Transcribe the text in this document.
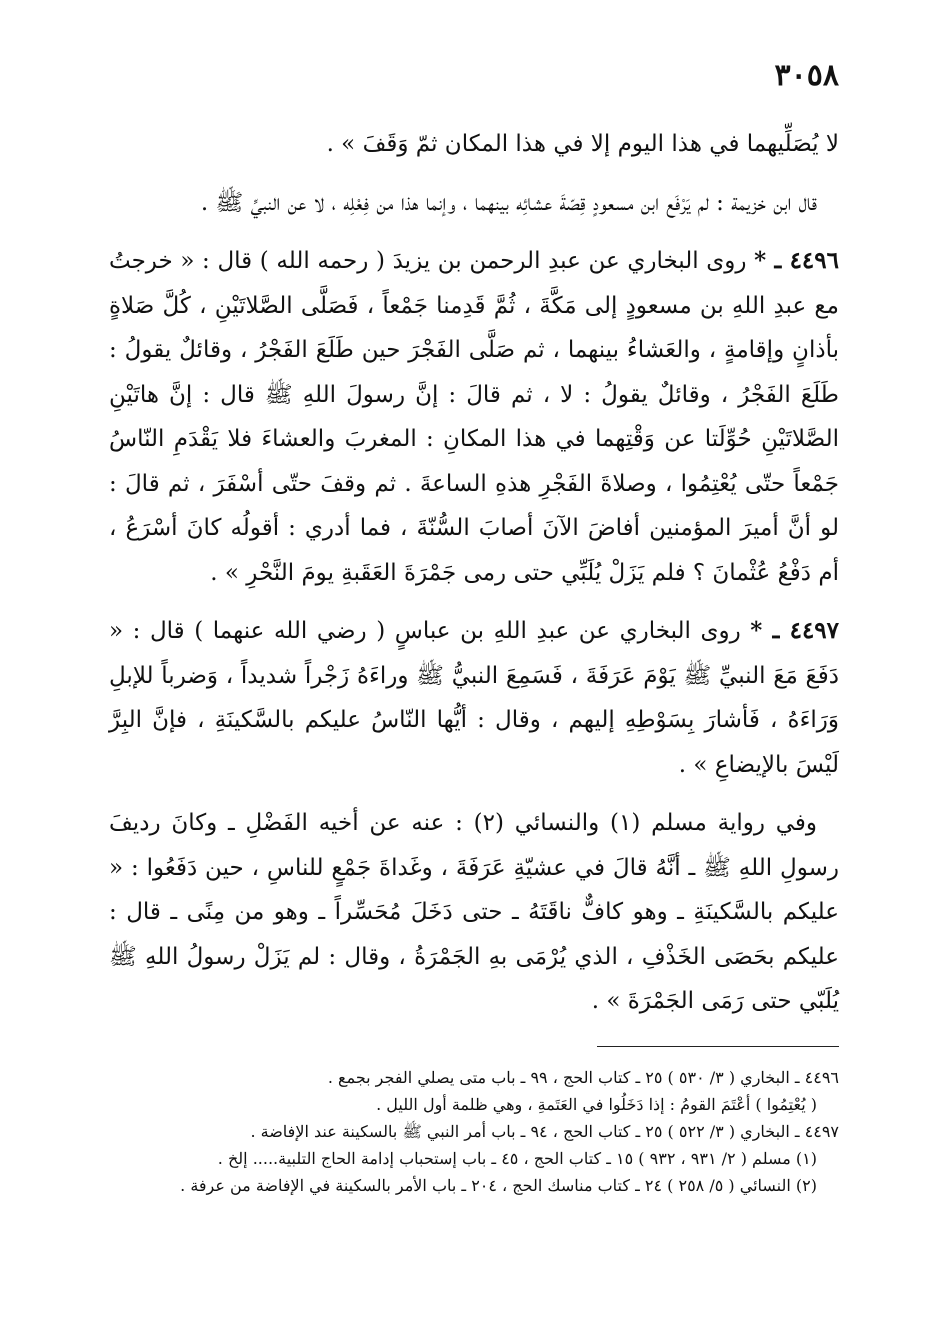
٣٠٥٨

لا يُصَلِّيهما في هذا اليوم إلا في هذا المكان ثمّ وَقَفَ » .

قال ابن خزيمة : لم يَرْفَع ابن مسعودٍ قِصّةَ عشائِه بينهما ، وإنما هذا من فِعْلِه ، لا عن النبيِّ ﷺ .

٤٤٩٦ ـ * روى البخاري عن عبدِ الرحمن بن يزيدَ ( رحمه الله ) قال : « خرجتُ مع عبدِ اللهِ بن مسعودٍ إلى مَكَّةَ ، ثُمَّ قَدِمنا جَمْعاً ، فَصَلَّى الصَّلاتَيْنِ ، كُلَّ صَلاةٍ بأذانٍ وإقامةٍ ، والعَشاءُ بينهما ، ثم صَلَّى الفَجْرَ حين طَلَعَ الفَجْرُ ، وقائلٌ يقولُ : طَلَعَ الفَجْرُ ، وقائلٌ يقولُ : لا ، ثم قالَ : إنَّ رسولَ اللهِ ﷺ قال : إنَّ هاتَيْنِ الصَّلاتَيْنِ حُوِّلَتا عن وَقْتِهما في هذا المكانِ : المغربَ والعشاءَ فلا يَقْدَمِ النّاسُ جَمْعاً حتّى يُعْتِمُوا ، وصلاةَ الفَجْرِ هذهِ الساعةَ . ثم وقفَ حتّى أسْفَرَ ، ثم قالَ : لو أنَّ أميرَ المؤمنين أفاضَ الآنَ أصابَ السُّنّةَ ، فما أدري : أقولُه كانَ أسْرَعُ ، أم دَفْعُ عُثْمانَ ؟ فلم يَزَلْ يُلَبِّي حتى رمى جَمْرَةَ العَقَبةِ يومَ النَّحْرِ » .

٤٤٩٧ ـ * روى البخاري عن عبدِ اللهِ بن عباسٍ ( رضي الله عنهما ) قال : « دَفَعَ مَعَ النبيِّ ﷺ يَوْمَ عَرَفَةَ ، فَسَمِعَ النبيُّ ﷺ وراءَهُ زَجْراً شديداً ، وَضرباً للإبلِ وَرَاءَهُ ، فَأشارَ بِسَوْطِهِ إليهم ، وقال : أيُّها النّاسُ عليكم بالسَّكينَةِ ، فإنَّ البِرَّ لَيْسَ بالإيضاعِ » .

وفي رواية مسلم (١) والنسائي (٢) : عنه عن أخيه الفَضْلِ ـ وكانَ رديفَ رسولِ اللهِ ﷺ ـ أنَّهُ قالَ في عشيّةِ عَرَفَةَ ، وغَداةَ جَمْعٍ للناسِ ، حين دَفَعُوا : « عليكم بالسَّكينَةِ ـ وهو كافٌّ ناقَتَهُ ـ حتى دَخَلَ مُحَسِّراً ـ وهو من مِنًى ـ قال : عليكم بحَصَى الخَذْفِ ، الذي يُرْمَى بهِ الجَمْرَةُ ، وقال : لم يَزَلْ رسولُ اللهِ ﷺ يُلَبّي حتى رَمَى الجَمْرَةَ » .

٤٤٩٦ ـ البخاري ( ٣/ ٥٣٠ ) ٢٥ ـ كتاب الحج ، ٩٩ ـ باب متى يصلي الفجر بجمع .

( يُعْتِمُوا ) أعْتَمَ القومُ : إذا دَخَلُوا في العَتَمةِ ، وهي ظلمة أول الليل .

٤٤٩٧ ـ البخاري ( ٣/ ٥٢٢ ) ٢٥ ـ كتاب الحج ، ٩٤ ـ باب أمر النبي ﷺ بالسكينة عند الإفاضة .

(١) مسلم ( ٢/ ٩٣١ ، ٩٣٢ ) ١٥ ـ كتاب الحج ، ٤٥ ـ باب إستحباب إدامة الحاج التلبية..... إلخ .

(٢) النسائي ( ٥/ ٢٥٨ ) ٢٤ ـ كتاب مناسك الحج ، ٢٠٤ ـ باب الأمر بالسكينة في الإفاضة من عرفة .
